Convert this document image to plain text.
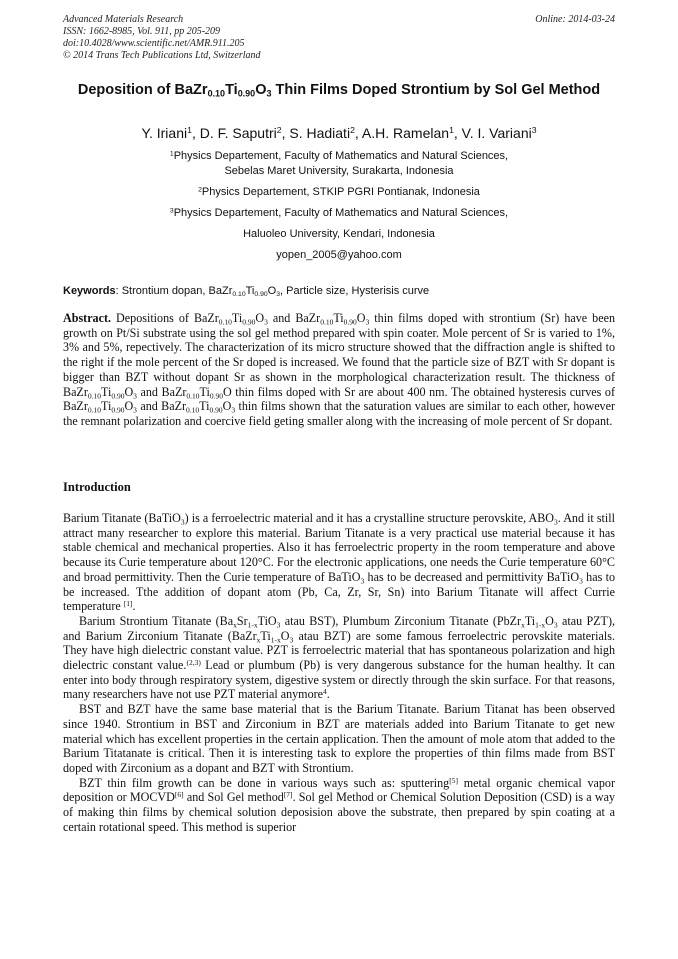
Advanced Materials Research
ISSN: 1662-8985, Vol. 911, pp 205-209
doi:10.4028/www.scientific.net/AMR.911.205
© 2014 Trans Tech Publications Ltd, Switzerland
Online: 2014-03-24
Deposition of $BaZr_{0.10}Ti_{0.90}O_3$ Thin Films Doped Strontium by Sol Gel Method
Y. Iriani$^1$, D. F. Saputri$^2$, S. Hadiati$^2$, A.H. Ramelan$^1$, V. I. Variani$^3$
$^1$Physics Departement, Faculty of Mathematics and Natural Sciences,
Sebelas Maret University, Surakarta, Indonesia
$^2$Physics Departement, STKIP PGRI Pontianak, Indonesia
$^3$Physics Departement, Faculty of Mathematics and Natural Sciences,
Haluoleo University, Kendari, Indonesia
yopen_2005@yahoo.com
Keywords: Strontium dopan, $BaZr_{0.10}Ti_{0.90}O_3$, Particle size, Hysterisis curve
Abstract. Depositions of $BaZr_{0.10}Ti_{0.90}O_3$ and $BaZr_{0.10}Ti_{0.90}O_3$ thin films doped with strontium (Sr) have been growth on Pt/Si substrate using the sol gel method prepared with spin coater. Mole percent of Sr is varied to 1%, 3% and 5%, repectively. The characterization of its micro structure showed that the diffraction angle is shifted to the right if the mole percent of the Sr doped is increased. We found that the particle size of BZT with Sr dopant is bigger than BZT without dopant Sr as shown in the morphological characterization result. The thickness of $BaZr_{0.10}Ti_{0.90}O_3$ and $BaZr_{0.10}Ti_{0.90}O$ thin films doped with Sr are about 400 nm. The obtained hysteresis curves of $BaZr_{0.10}Ti_{0.90}O_3$ and $BaZr_{0.10}Ti_{0.90}O_3$ thin films shown that the saturation values are similar to each other, however the remnant polarization and coercive field geting smaller along with the increasing of mole percent of Sr dopant.
Introduction

Barium Titanate (BaTiO$_3$) is a ferroelectric material and it has a crystalline structure perovskite, $ABO_3$. And it still attract many researcher to explore this material. Barium Titanate is a very practical use material because it has stable chemical and mechanical properties. Also it has ferroelectric property in the room temperature and above because its Curie temperature about 120°C. For the electronic applications, one needs the Curie temperature 60°C and broad permittivity. Then the Curie temperature of BaTiO$_3$ has to be decreased and permittivity BaTiO$_3$ has to be increased. Tthe addition of dopant atom (Pb, Ca, Zr, Sr, Sn) into Barium Titanate will affect Currie temperature [1].

Barium Strontium Titanate ($Ba_xSr_{1-x}TiO_3$ atau BST), Plumbum Zirconium Titanate ($PbZr_xTi_{1-x}O_3$ atau PZT), and Barium Zirconium Titanate ($BaZr_xTi_{1-x}O_3$ atau BZT) are some famous ferroelectric perovskite materials. They have high dielectric constant value. PZT is ferroelectric material that has spontaneous polarization and high dielectric constant value.$^{(2,3)}$ Lead or plumbum (Pb) is very dangerous substance for the human healthy. It can enter into body through respiratory system, digestive system or directly through the skin surface. For that reasons, many researchers have not use PZT material anymore$^4$.

BST and BZT have the same base material that is the Barium Titanate. Barium Titanat has been observed since 1940. Strontium in BST and Zirconium in BZT are materials added into Barium Titanate to get new material which has excellent properties in the certain application. Then the amount of mole atom that added to the Barium Titatanate is critical. Then it is interesting task to explore the properties of thin films made from BST doped with Zirconium as a dopant and BZT with Strontium.

BZT thin film growth can be done in various ways such as: sputtering[5] metal organic chemical vapor deposition or MOCVD[6] and Sol Gel method[7]. Sol gel Method or Chemical Solution Deposition (CSD) is a way of making thin films by chemical solution deposision above the substrate, then prepared by spin coating at a certain rotational speed. This method is superior
